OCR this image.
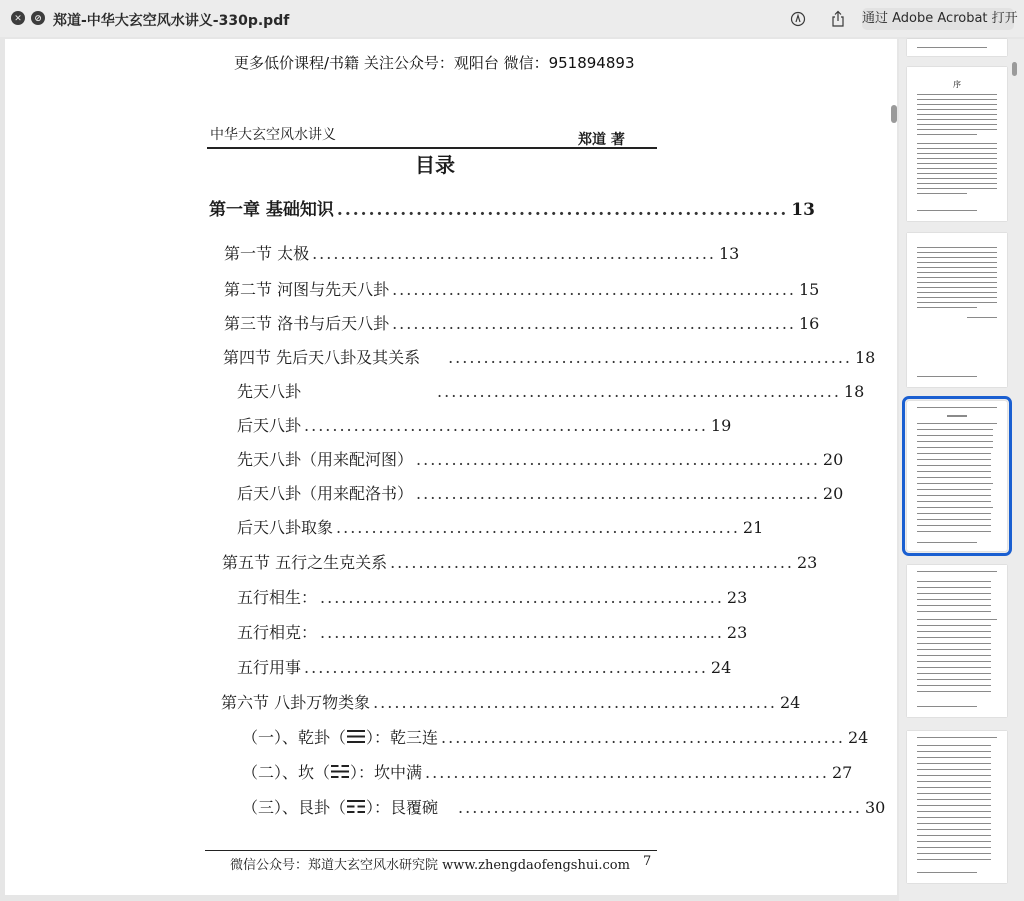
✕	⊘ 郑道-中华大玄空风水讲义-330p.pdf	通过 Adobe Acrobat 打开
更多低价课程/书籍 关注公众号：观阳台 微信：951894893
中华大玄空风水讲义	郑道 著
目录
第一章 基础知识 ......................................................... 13
第一节 太极 ......................................................... 13
第二节 河图与先天八卦 ......................................................... 15
第三节 洛书与后天八卦 ......................................................... 16
第四节 先后天八卦及其关系 ......................................................... 18
先天八卦	......................................................... 18
后天八卦 ......................................................... 19
先天八卦（用来配河图） ......................................................... 20
后天八卦（用来配洛书） ......................................................... 20
后天八卦取象 ......................................................... 21
第五节 五行之生克关系 ......................................................... 23
五行相生： ......................................................... 23
五行相克： ......................................................... 23
五行用事 ......................................................... 24
第六节 八卦万物类象 ......................................................... 24
（一）、乾卦（ ）：乾三连 ......................................................... 24
（二）、坎（ ）：坎中满 ......................................................... 27
（三）、艮卦（ ）：艮覆碗 ......................................................... 30
微信公众号：郑道大玄空风水研究院 www.zhengdaofengshui.com 7
序
